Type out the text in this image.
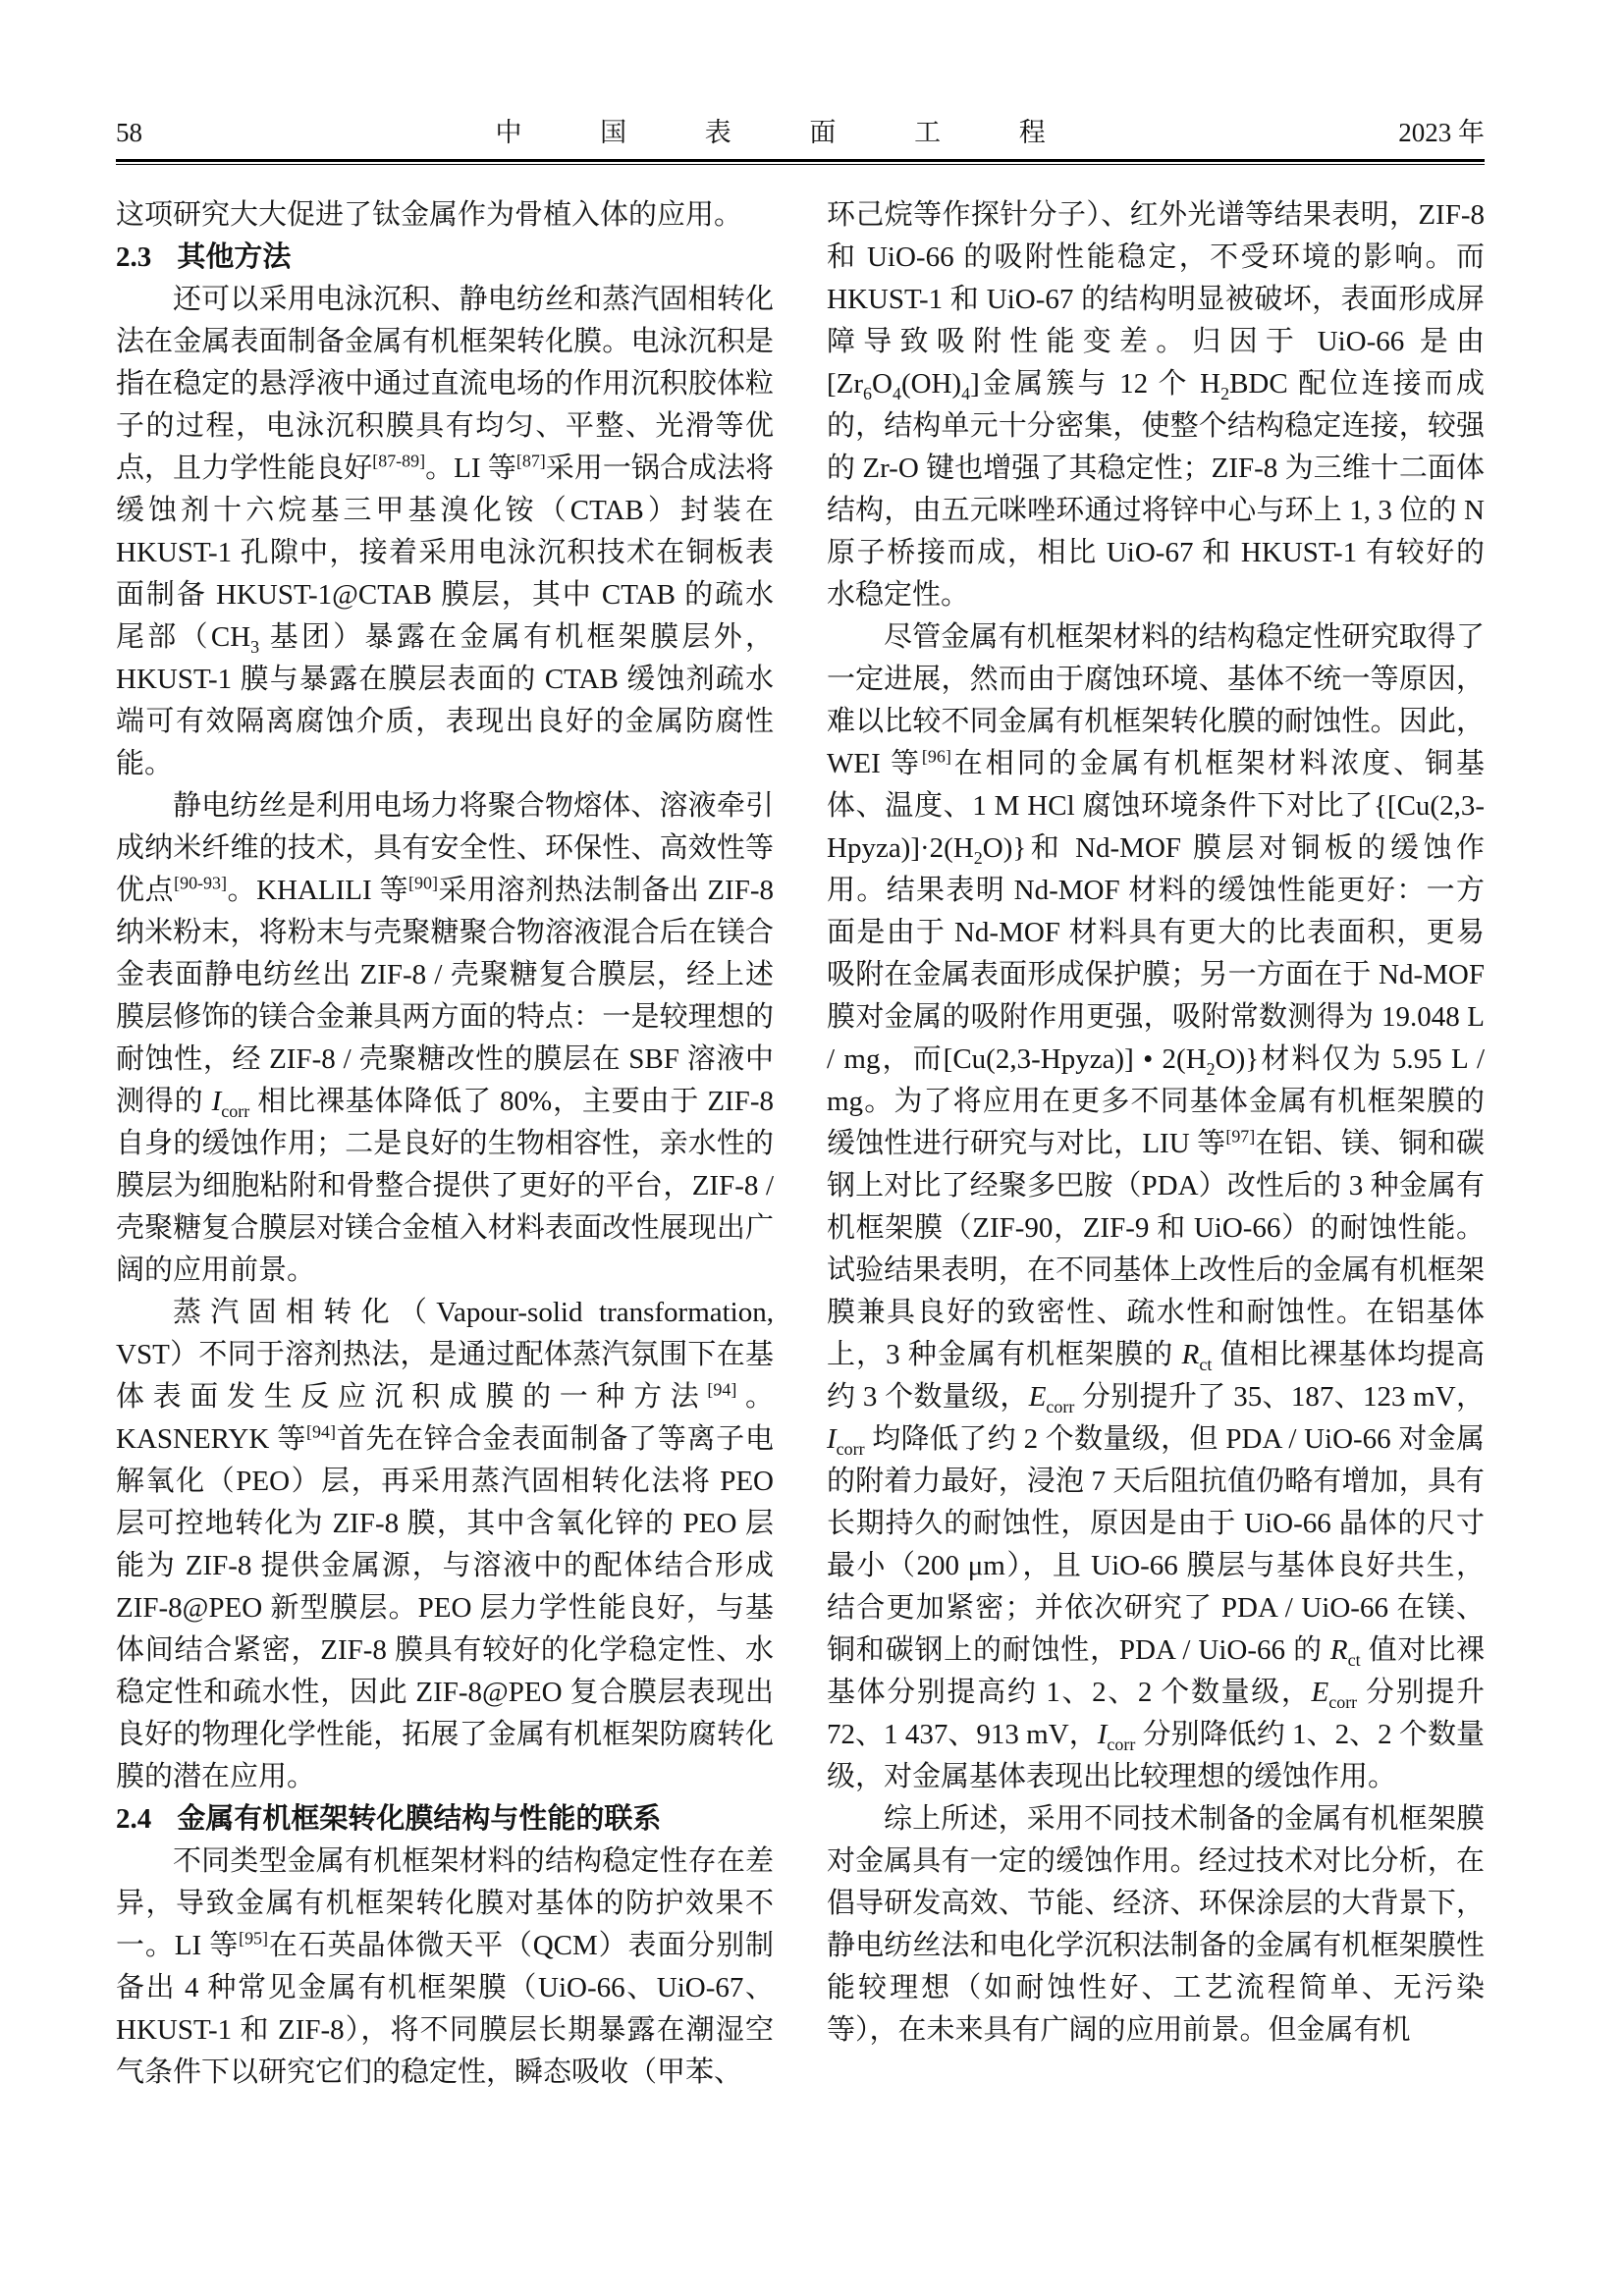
58	中 国 表 面 工 程	2023 年

这项研究大大促进了钛金属作为骨植入体的应用。

2.3 其他方法

还可以采用电泳沉积、静电纺丝和蒸汽固相转化法在金属表面制备金属有机框架转化膜。电泳沉积是指在稳定的悬浮液中通过直流电场的作用沉积胶体粒子的过程，电泳沉积膜具有均匀、平整、光滑等优点，且力学性能良好[87-89]。LI 等[87]采用一锅合成法将缓蚀剂十六烷基三甲基溴化铵（CTAB）封装在 HKUST-1 孔隙中，接着采用电泳沉积技术在铜板表面制备 HKUST-1@CTAB 膜层，其中 CTAB 的疏水尾部（$CH_3$ 基团）暴露在金属有机框架膜层外，HKUST-1 膜与暴露在膜层表面的 CTAB 缓蚀剂疏水端可有效隔离腐蚀介质，表现出良好的金属防腐性能。

静电纺丝是利用电场力将聚合物熔体、溶液牵引成纳米纤维的技术，具有安全性、环保性、高效性等优点[90-93]。KHALILI 等[90]采用溶剂热法制备出 ZIF-8 纳米粉末，将粉末与壳聚糖聚合物溶液混合后在镁合金表面静电纺丝出 ZIF-8 / 壳聚糖复合膜层，经上述膜层修饰的镁合金兼具两方面的特点：一是较理想的耐蚀性，经 ZIF-8 / 壳聚糖改性的膜层在 SBF 溶液中测得的 $I_{corr}$ 相比裸基体降低了 80%，主要由于 ZIF-8 自身的缓蚀作用；二是良好的生物相容性，亲水性的膜层为细胞粘附和骨整合提供了更好的平台，ZIF-8 / 壳聚糖复合膜层对镁合金植入材料表面改性展现出广阔的应用前景。

蒸汽固相转化（Vapour-solid transformation, VST）不同于溶剂热法，是通过配体蒸汽氛围下在基体表面发生反应沉积成膜的一种方法[94]。KASNERYK 等[94]首先在锌合金表面制备了等离子电解氧化（PEO）层，再采用蒸汽固相转化法将 PEO 层可控地转化为 ZIF-8 膜，其中含氧化锌的 PEO 层能为 ZIF-8 提供金属源，与溶液中的配体结合形成 ZIF-8@PEO 新型膜层。PEO 层力学性能良好，与基体间结合紧密，ZIF-8 膜具有较好的化学稳定性、水稳定性和疏水性，因此 ZIF-8@PEO 复合膜层表现出良好的物理化学性能，拓展了金属有机框架防腐转化膜的潜在应用。

2.4 金属有机框架转化膜结构与性能的联系

不同类型金属有机框架材料的结构稳定性存在差异，导致金属有机框架转化膜对基体的防护效果不一。LI 等[95]在石英晶体微天平（QCM）表面分别制备出 4 种常见金属有机框架膜（UiO-66、UiO-67、HKUST-1 和 ZIF-8），将不同膜层长期暴露在潮湿空气条件下以研究它们的稳定性，瞬态吸收（甲苯、

环己烷等作探针分子）、红外光谱等结果表明，ZIF-8 和 UiO-66 的吸附性能稳定，不受环境的影响。而 HKUST-1 和 UiO-67 的结构明显被破坏，表面形成屏障导致吸附性能变差。归因于 UiO-66 是由$[Zr_6O_4(OH)_4]$金属簇与 12 个 $H_2BDC$ 配位连接而成的，结构单元十分密集，使整个结构稳定连接，较强的 Zr-O 键也增强了其稳定性；ZIF-8 为三维十二面体结构，由五元咪唑环通过将锌中心与环上 1, 3 位的 N 原子桥接而成，相比 UiO-67 和 HKUST-1 有较好的水稳定性。

尽管金属有机框架材料的结构稳定性研究取得了一定进展，然而由于腐蚀环境、基体不统一等原因，难以比较不同金属有机框架转化膜的耐蚀性。因此，WEI 等[96]在相同的金属有机框架材料浓度、铜基体、温度、1 M HCl 腐蚀环境条件下对比了$\{[Cu(2,3-Hpyza)]\cdot 2(H_2O)\}$和 Nd-MOF 膜层对铜板的缓蚀作用。结果表明 Nd-MOF 材料的缓蚀性能更好：一方面是由于 Nd-MOF 材料具有更大的比表面积，更易吸附在金属表面形成保护膜；另一方面在于 Nd-MOF 膜对金属的吸附作用更强，吸附常数测得为 19.048 L / mg，而[Cu(2,3-Hpyza)] • $2(H_2O)$}材料仅为 5.95 L / mg。为了将应用在更多不同基体金属有机框架膜的缓蚀性进行研究与对比，LIU 等[97]在铝、镁、铜和碳钢上对比了经聚多巴胺（PDA）改性后的 3 种金属有机框架膜（ZIF-90，ZIF-9 和 UiO-66）的耐蚀性能。试验结果表明，在不同基体上改性后的金属有机框架膜兼具良好的致密性、疏水性和耐蚀性。在铝基体上，3 种金属有机框架膜的 $R_{ct}$ 值相比裸基体均提高约 3 个数量级，$E_{corr}$ 分别提升了 35、187、123 mV，$I_{corr}$ 均降低了约 2 个数量级，但 PDA / UiO-66 对金属的附着力最好，浸泡 7 天后阻抗值仍略有增加，具有长期持久的耐蚀性，原因是由于 UiO-66 晶体的尺寸最小（200 μm），且 UiO-66 膜层与基体良好共生，结合更加紧密；并依次研究了 PDA / UiO-66 在镁、铜和碳钢上的耐蚀性，PDA / UiO-66 的 $R_{ct}$ 值对比裸基体分别提高约 1、2、2 个数量级，$E_{corr}$ 分别提升 72、1 437、913 mV，$I_{corr}$ 分别降低约 1、2、2 个数量级，对金属基体表现出比较理想的缓蚀作用。

综上所述，采用不同技术制备的金属有机框架膜对金属具有一定的缓蚀作用。经过技术对比分析，在倡导研发高效、节能、经济、环保涂层的大背景下，静电纺丝法和电化学沉积法制备的金属有机框架膜性能较理想（如耐蚀性好、工艺流程简单、无污染等），在未来具有广阔的应用前景。但金属有机
